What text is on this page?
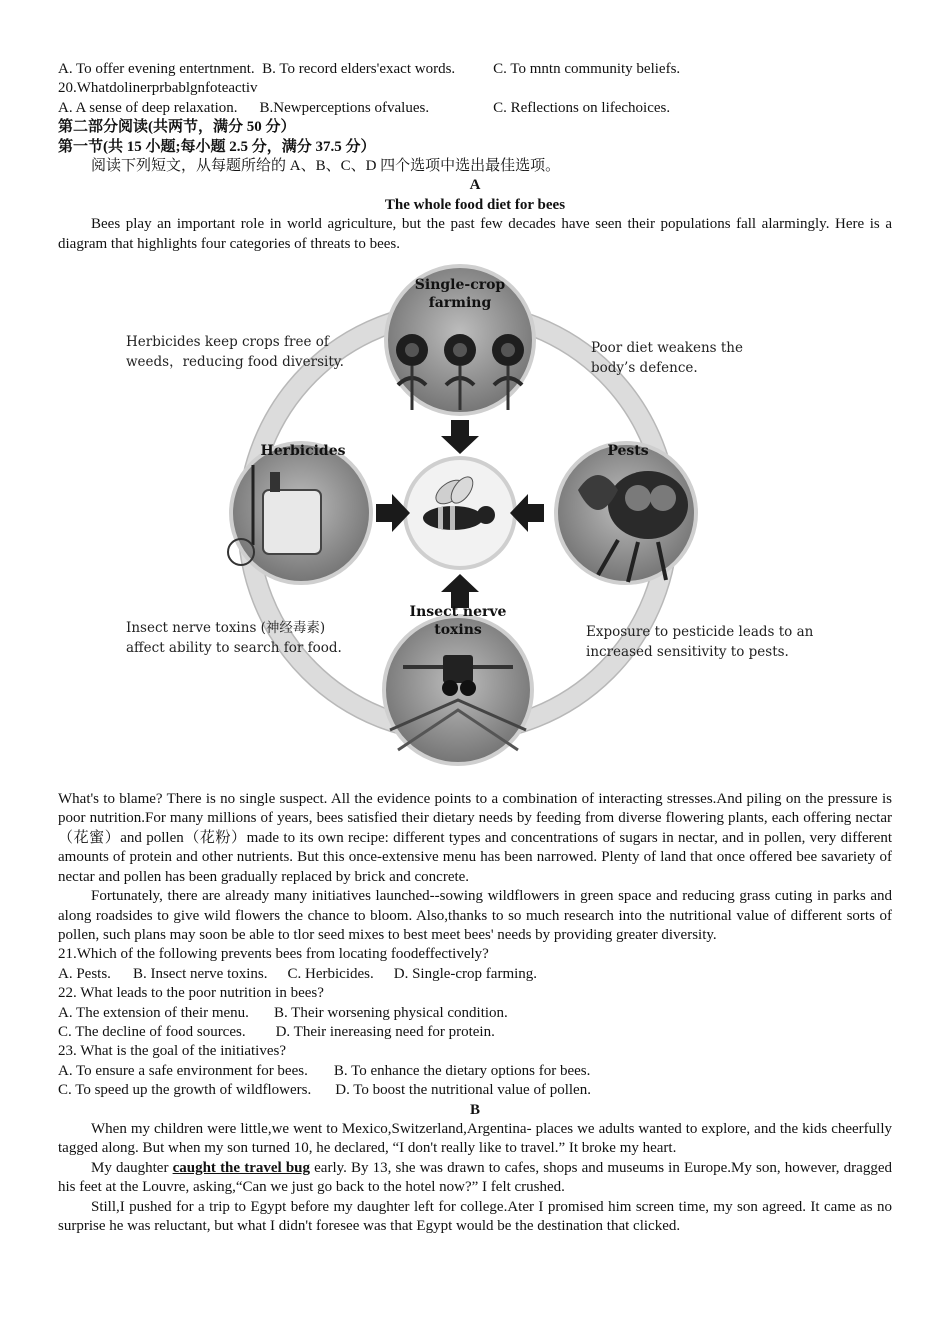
A. To offer evening entertnment. B. To record elders'exact words.	C. To mntn community beliefs.
20.Whatdolinerprbablgnfoteactiv
A. A sense of deep relaxation. B.Newperceptions ofvalues.	C. Reflections on lifechoices.
第二部分阅读(共两节，满分 50 分）
第一节(共 15 小题;每小题 2.5 分，满分 37.5 分）
阅读下列短文，从每题所给的 A、B、C、D 四个选项中选出最佳选项。
A
The whole food diet for bees
Bees play an important role in world agriculture, but the past few decades have seen their populations fall alarmingly. Here is a diagram that highlights four categories of threats to bees.
Single-crop
farming
Herbicides	Pests
Insect nerve
toxins
Herbicides keep crops free of
weeds，reducing food diversity.
Poor diet weakens the
body’s defence.
Insect nerve toxins (神经毒素)
affect ability to search for food.
Exposure to pesticide leads to an
increased sensitivity to pests.
What's to blame? There is no single suspect. All the evidence points to a combination of interacting stresses.And piling on the pressure is poor nutrition.For many millions of years, bees satisfied their dietary needs by feeding from diverse flowering plants, each offering nectar（花蜜）and pollen（花粉）made to its own recipe: different types and concentrations of sugars in nectar, and in pollen, very different amounts of protein and other nutrients. But this once-extensive menu has been narrowed. Plenty of land that once offered bee savariety of nectar and pollen has been gradually replaced by brick and concrete.
Fortunately, there are already many initiatives launched--sowing wildflowers in green space and reducing grass cuting in parks and along roadsides to give wild flowers the chance to bloom. Also,thanks to so much research into the nutritional value of different sorts of pollen, such plans may soon be able to tlor seed mixes to best meet bees' needs by providing greater diversity.
21.Which of the following prevents bees from locating foodeffectively?
A. Pests. B. Insect nerve toxins. C. Herbicides. D. Single-crop farming.
22. What leads to the poor nutrition in bees?
A. The extension of their menu. B. Their worsening physical condition.
C. The decline of food sources. D. Their inereasing need for protein.
23. What is the goal of the initiatives?
A. To ensure a safe environment for bees. B. To enhance the dietary options for bees.
C. To speed up the growth of wildflowers. D. To boost the nutritional value of pollen.
B
When my children were little,we went to Mexico,Switzerland,Argentina- places we adults wanted to explore, and the kids cheerfully tagged along. But when my son turned 10, he declared, “I don't really like to travel.” It broke my heart.
My daughter caught the travel bug early. By 13, she was drawn to cafes, shops and museums in Europe.My son, however, dragged his feet at the Louvre, asking,“Can we just go back to the hotel now?” I felt crushed.
Still,I pushed for a trip to Egypt before my daughter left for college.Ater I promised him screen time, my son agreed. It came as no surprise he was reluctant, but what I didn't foresee was that Egypt would be the destination that clicked.
